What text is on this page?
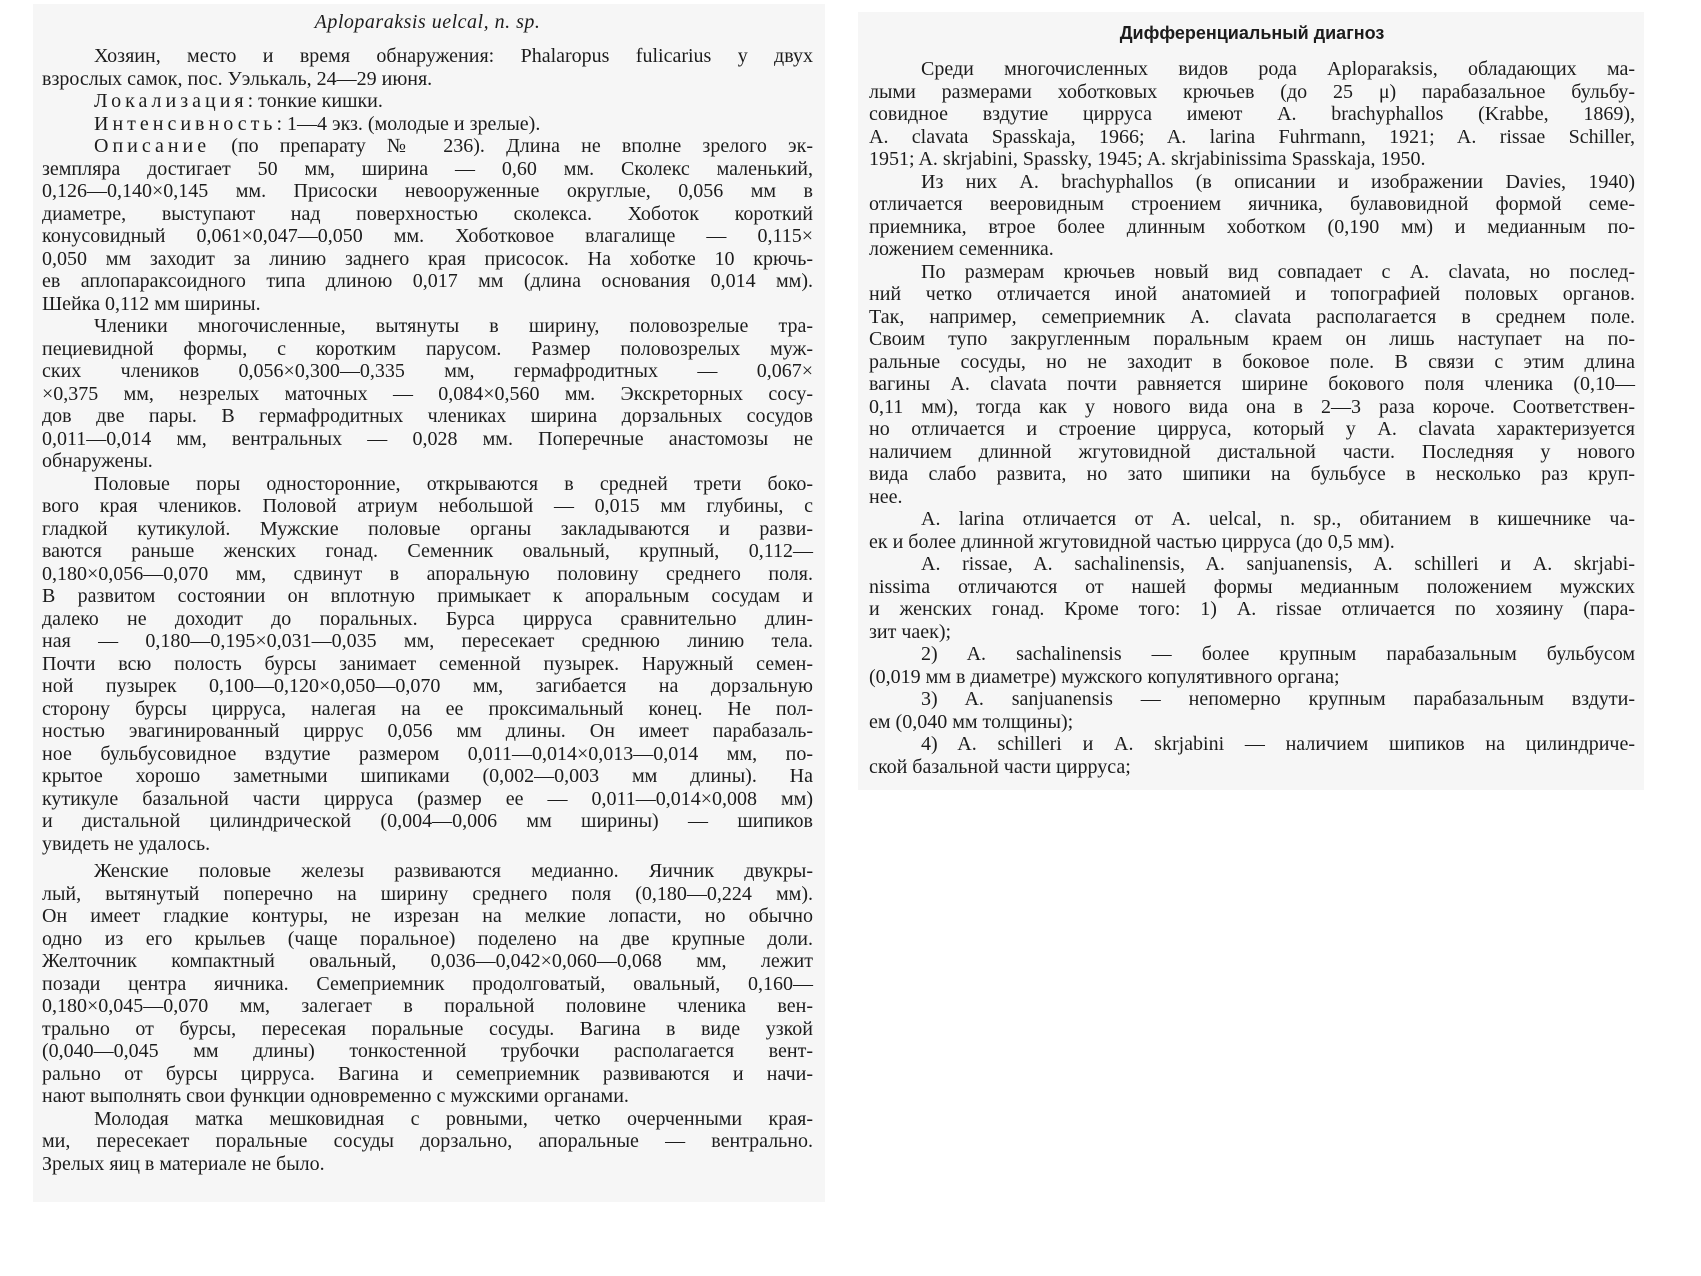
Aploparaksis uelcal, n. sp.
Хозяин, место и время обнаружения: Phalaropus fulicarius у двух
взрослых самок, пос. Уэлькаль, 24—29 июня.
Локализация: тонкие кишки.
Интенсивность: 1—4 экз. (молодые и зрелые).
Описание (по препарату № 236). Длина не вполне зрелого эк-
земпляра достигает 50 мм, ширина — 0,60 мм. Сколекс маленький,
0,126—0,140×0,145 мм. Присоски невооруженные округлые, 0,056 мм в
диаметре, выступают над поверхностью сколекса. Хоботок короткий
конусовидный 0,061×0,047—0,050 мм. Хоботковое влагалище — 0,115×
0,050 мм заходит за линию заднего края присосок. На хоботке 10 крючь-
ев аплопараксоидного типа длиною 0,017 мм (длина основания 0,014 мм).
Шейка 0,112 мм ширины.
Членики многочисленные, вытянуты в ширину, половозрелые тра-
пециевидной формы, с коротким парусом. Размер половозрелых муж-
ских члеников 0,056×0,300—0,335 мм, гермафродитных — 0,067×
×0,375 мм, незрелых маточных — 0,084×0,560 мм. Экскреторных сосу-
дов две пары. В гермафродитных члениках ширина дорзальных сосудов
0,011—0,014 мм, вентральных — 0,028 мм. Поперечные анастомозы не
обнаружены.
Половые поры односторонние, открываются в средней трети боко-
вого края члеников. Половой атриум небольшой — 0,015 мм глубины, с
гладкой кутикулой. Мужские половые органы закладываются и разви-
ваются раньше женских гонад. Семенник овальный, крупный, 0,112—
0,180×0,056—0,070 мм, сдвинут в апоральную половину среднего поля.
В развитом состоянии он вплотную примыкает к апоральным сосудам и
далеко не доходит до поральных. Бурса цирруса сравнительно длин-
ная — 0,180—0,195×0,031—0,035 мм, пересекает среднюю линию тела.
Почти всю полость бурсы занимает семенной пузырек. Наружный семен-
ной пузырек 0,100—0,120×0,050—0,070 мм, загибается на дорзальную
сторону бурсы цирруса, налегая на ее проксимальный конец. Не пол-
ностью эвагинированный циррус 0,056 мм длины. Он имеет парабазаль-
ное бульбусовидное вздутие размером 0,011—0,014×0,013—0,014 мм, по-
крытое хорошо заметными шипиками (0,002—0,003 мм длины). На
кутикуле базальной части цирруса (размер ее — 0,011—0,014×0,008 мм)
и дистальной цилиндрической (0,004—0,006 мм ширины) — шипиков
увидеть не удалось.
Женские половые железы развиваются медианно. Яичник двукры-
лый, вытянутый поперечно на ширину среднего поля (0,180—0,224 мм).
Он имеет гладкие контуры, не изрезан на мелкие лопасти, но обычно
одно из его крыльев (чаще поральное) поделено на две крупные доли.
Желточник компактный овальный, 0,036—0,042×0,060—0,068 мм, лежит
позади центра яичника. Семеприемник продолговатый, овальный, 0,160—
0,180×0,045—0,070 мм, залегает в поральной половине членика вен-
трально от бурсы, пересекая поральные сосуды. Вагина в виде узкой
(0,040—0,045 мм длины) тонкостенной трубочки располагается вент-
рально от бурсы цирруса. Вагина и семеприемник развиваются и начи-
нают выполнять свои функции одновременно с мужскими органами.
Молодая матка мешковидная с ровными, четко очерченными края-
ми, пересекает поральные сосуды дорзально, апоральные — вентрально.
Зрелых яиц в материале не было.
Дифференциальный диагноз
Среди многочисленных видов рода Aploparaksis, обладающих ма-
лыми размерами хоботковых крючьев (до 25 μ) парабазальное бульбу-
совидное вздутие цирруса имеют A. brachyphallos (Krabbe, 1869),
A. clavata Spasskaja, 1966; A. larina Fuhrmann, 1921; A. rissae Schiller,
1951; A. skrjabini, Spassky, 1945; A. skrjabinissima Spasskaja, 1950.
Из них A. brachyphallos (в описании и изображении Davies, 1940)
отличается вееровидным строением яичника, булавовидной формой семе-
приемника, втрое более длинным хоботком (0,190 мм) и медианным по-
ложением семенника.
По размерам крючьев новый вид совпадает с A. clavata, но послед-
ний четко отличается иной анатомией и топографией половых органов.
Так, например, семеприемник A. clavata располагается в среднем поле.
Своим тупо закругленным поральным краем он лишь наступает на по-
ральные сосуды, но не заходит в боковое поле. В связи с этим длина
вагины A. clavata почти равняется ширине бокового поля членика (0,10—
0,11 мм), тогда как у нового вида она в 2—3 раза короче. Соответствен-
но отличается и строение цирруса, который у A. clavata характеризуется
наличием длинной жгутовидной дистальной части. Последняя у нового
вида слабо развита, но зато шипики на бульбусе в несколько раз круп-
нее.
A. larina отличается от A. uelcal, n. sp., обитанием в кишечнике ча-
ек и более длинной жгутовидной частью цирруса (до 0,5 мм).
A. rissae, A. sachalinensis, A. sanjuanensis, A. schilleri и A. skrjabi-
nissima отличаются от нашей формы медианным положением мужских
и женских гонад. Кроме того: 1) A. rissae отличается по хозяину (пара-
зит чаек);
2) A. sachalinensis — более крупным парабазальным бульбусом
(0,019 мм в диаметре) мужского копулятивного органа;
3) A. sanjuanensis — непомерно крупным парабазальным вздути-
ем (0,040 мм толщины);
4) A. schilleri и A. skrjabini — наличием шипиков на цилиндриче-
ской базальной части цирруса;
